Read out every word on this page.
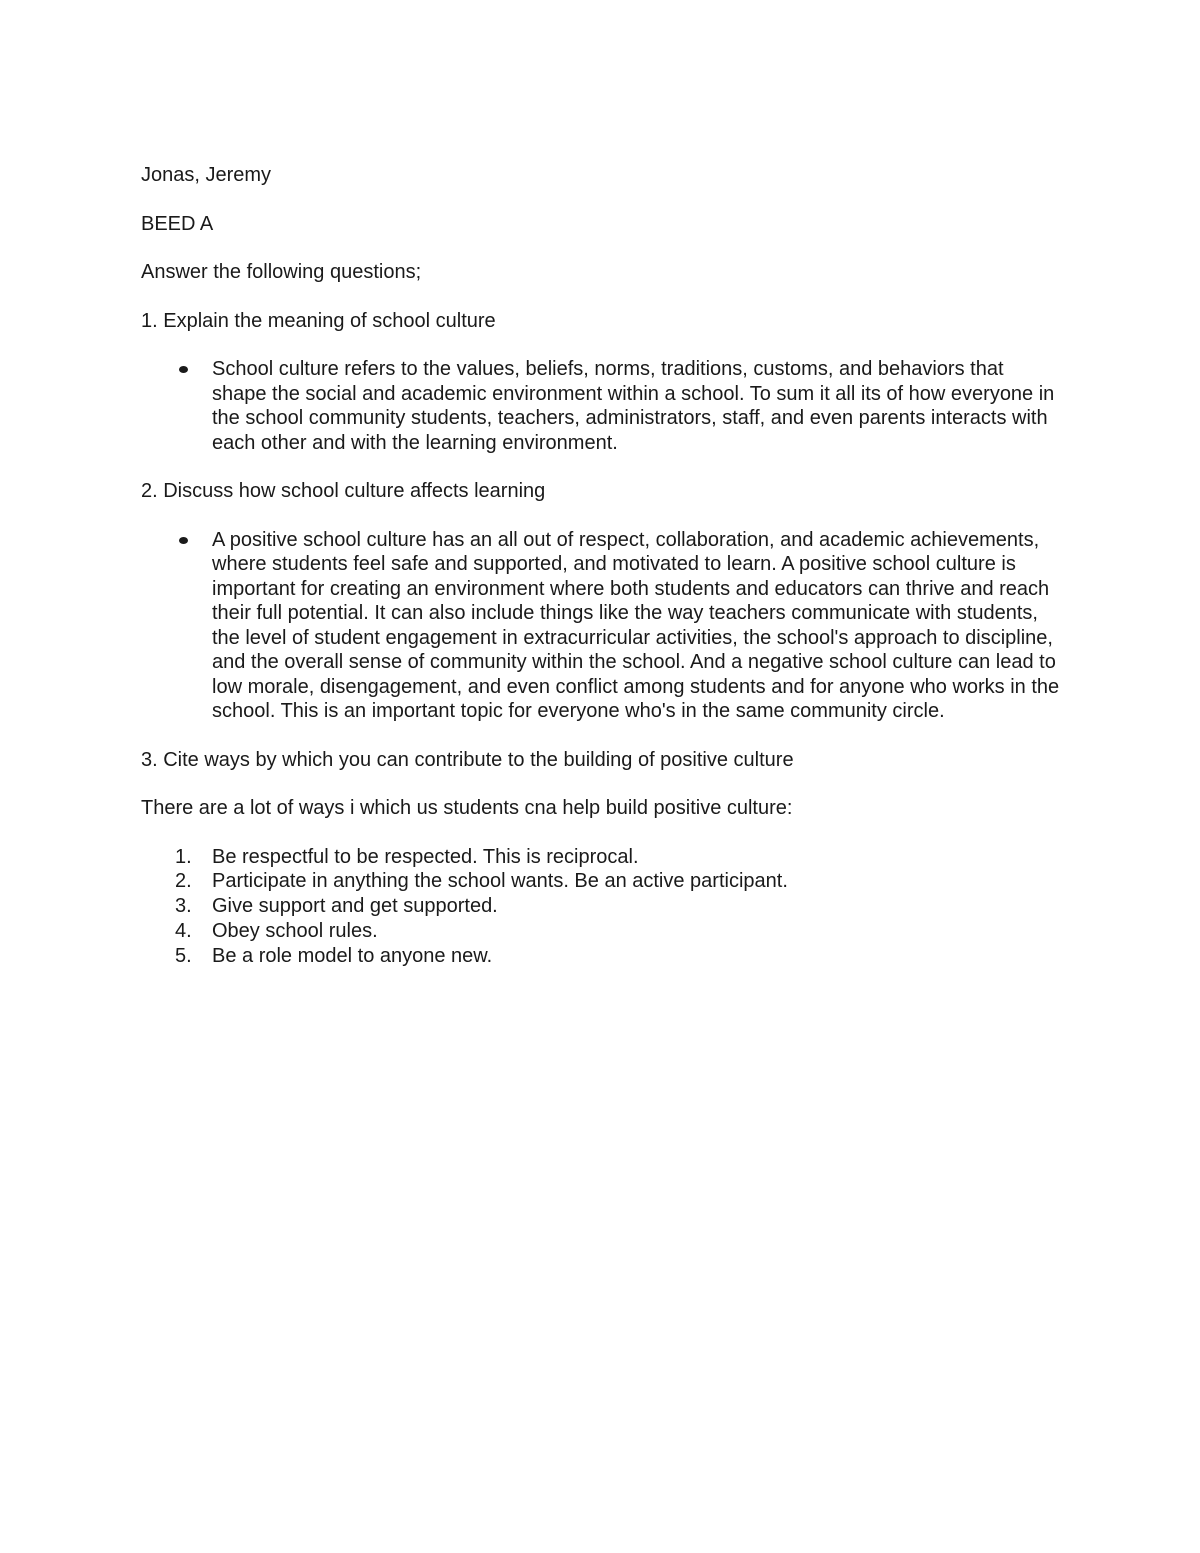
Jonas, Jeremy

BEED A

Answer the following questions;

1. Explain the meaning of school culture

School culture refers to the values, beliefs, norms, traditions, customs, and behaviors that shape the social and academic environment within a school. To sum it all its of how everyone in the school community students, teachers, administrators, staff, and even parents interacts with each other and with the learning environment.

2. Discuss how school culture affects learning

A positive school culture has an all out of respect, collaboration, and academic achievements, where students feel safe and supported, and motivated to learn. A positive school culture is important for creating an environment where both students and educators can thrive and reach their full potential. It can also include things like the way teachers communicate with students, the level of student engagement in extracurricular activities, the school's approach to discipline, and the overall sense of community within the school. And a negative school culture can lead to low morale, disengagement, and even conflict among students and for anyone who works in the school. This is an important topic for everyone who's in the same community circle.

3. Cite ways by which you can contribute to the building of positive culture

There are a lot of ways i which us students cna help build positive culture:

1. Be respectful to be respected. This is reciprocal.
2. Participate in anything the school wants. Be an active participant.
3. Give support and get supported.
4. Obey school rules.
5. Be a role model to anyone new.
